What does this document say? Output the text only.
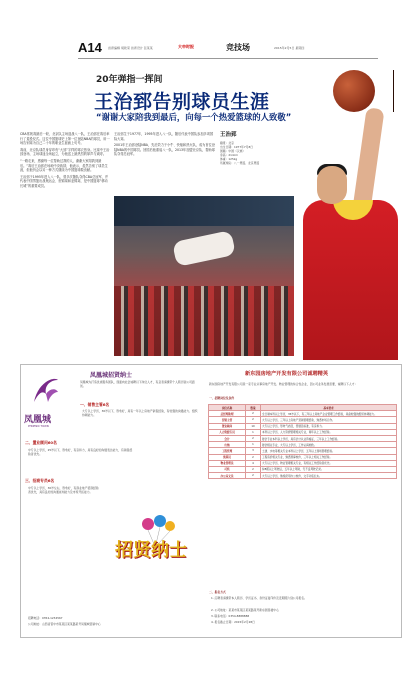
A14 首席编辑 胡乾荣 首席设计 张某某	大申时报	竞技场	2015年2月5日 星期四
20年弹指一挥间
王治郅告别球员生涯
“谢谢大家陪我到最后，向每一个热爱篮球的人致敬”

CBA常规赛最后一轮，北京队主场迎战八一队，王治郅在赛后举行了退役仪式。这位中国篮球史上第一位登陆NBA的球员，用一场告别赛为自己二十年的职业生涯画上句号。

赛前，北京队球员身穿印有“大郅”字样的球衣热身。比赛中王治郅登场，主场球迷全场起立，为他送上最热烈的掌声与欢呼。

“一路走来，感谢每一位帮助过我的人，谢谢大家陪我到最后。”赛后王治郅在场地中央致辞，他表示，虽然告别了球员生涯，但他仍会以另一种方式继续为中国篮球做贡献。

王治郅于1995年进入八一队，曾多次随队夺得CBA总冠军，并代表中国男篮出战奥运会、世锦赛和亚锦赛，是中国篮球“移动长城”的重要成员。

王治郅生于1977年，1995年进入八一队，随后代表中国队参加多项国际大赛。

2001年王治郅登陆NBA，先后效力于小牛、快船和热火队，成为首位登陆NBA的中国球员。回国后他重返八一队，2013年加盟北京队，帮助球队夺得总冠军。

王治郅
籍贯：北京
出生日期：1977年7月8日
国籍：中国（汉族）
身高：214cm
体重：125kg
所属球队：八一男篮、北京男篮
凤凰城招贤纳士
凤凰城
PHOENIX TOWN
凤凰城为打造优质服务团队，现面向社会诚聘以下岗位人才，有意者请携带个人简历到公司面试。
一、销售主管6名
大专以上学历，30岁以下，形象好，具有一年以上房地产销售经验，有较强的沟通能力、组织协调能力。
二、置业顾问60名
中专以上学历，25岁以下，形象好，有亲和力，具有良好的沟通表达能力，有销售经验者优先。
三、招商专员6名
中专以上学历，30岁左右，形象好，有商业地产招商经验者优先，具有良好的沟通谈判能力及市场开拓能力。
招贤纳士
招聘电话：0354-1234567
公司地址：山西省晋中市某某区某某路某号凤凰城营销中心
新东园房地产开发有限公司诚聘精英
新东园房地产开发有限公司是一家专业从事房地产开发、物业管理的综合性企业，因公司业务发展需要，诚聘以下人才：
一、招聘岗位及条件
岗位名称	数量	基本要求
总经理助理	2	全日制本科以上学历，35岁以下，有三年以上房地产企业管理工作经验，具备较强的组织协调能力。
营销主管	2	大专以上学历，三年以上房地产营销管理经验，熟悉市场运作。
置业顾问	10	大专以上学历，形象气质佳，普通话标准，有亲和力。
人力资源专员	1	本科以上学历，人力资源管理相关专业，两年以上工作经验。
会计	2	财会专业本科以上学历，具有会计从业资格证，三年以上工作经验。
出纳	1	财会相关专业，大专以上学历，工作认真细致。
工程管理	3	土建、水电等相关专业本科以上学历，五年以上现场管理经验。
预算员	2	工程造价相关专业，熟悉预算软件，三年以上相关工作经验。
物业管理员	4	大专以上学历，物业管理相关专业，有相关工作经验者优先。
司机	2	持B照以上驾驶证，五年以上驾龄，无不良驾驶记录。
办公室文员	2	大专以上学历，熟练使用办公软件，文字功底扎实。
二、报名方式
1. 应聘者请携带本人简历、学历证书、身份证复印件及近期照片到公司报名。
2. 公司地址：某某市某某区某某路某号新东园售楼中心
3. 联系电话：0354-8888888
4. 报名截止日期：2015年2月28日
